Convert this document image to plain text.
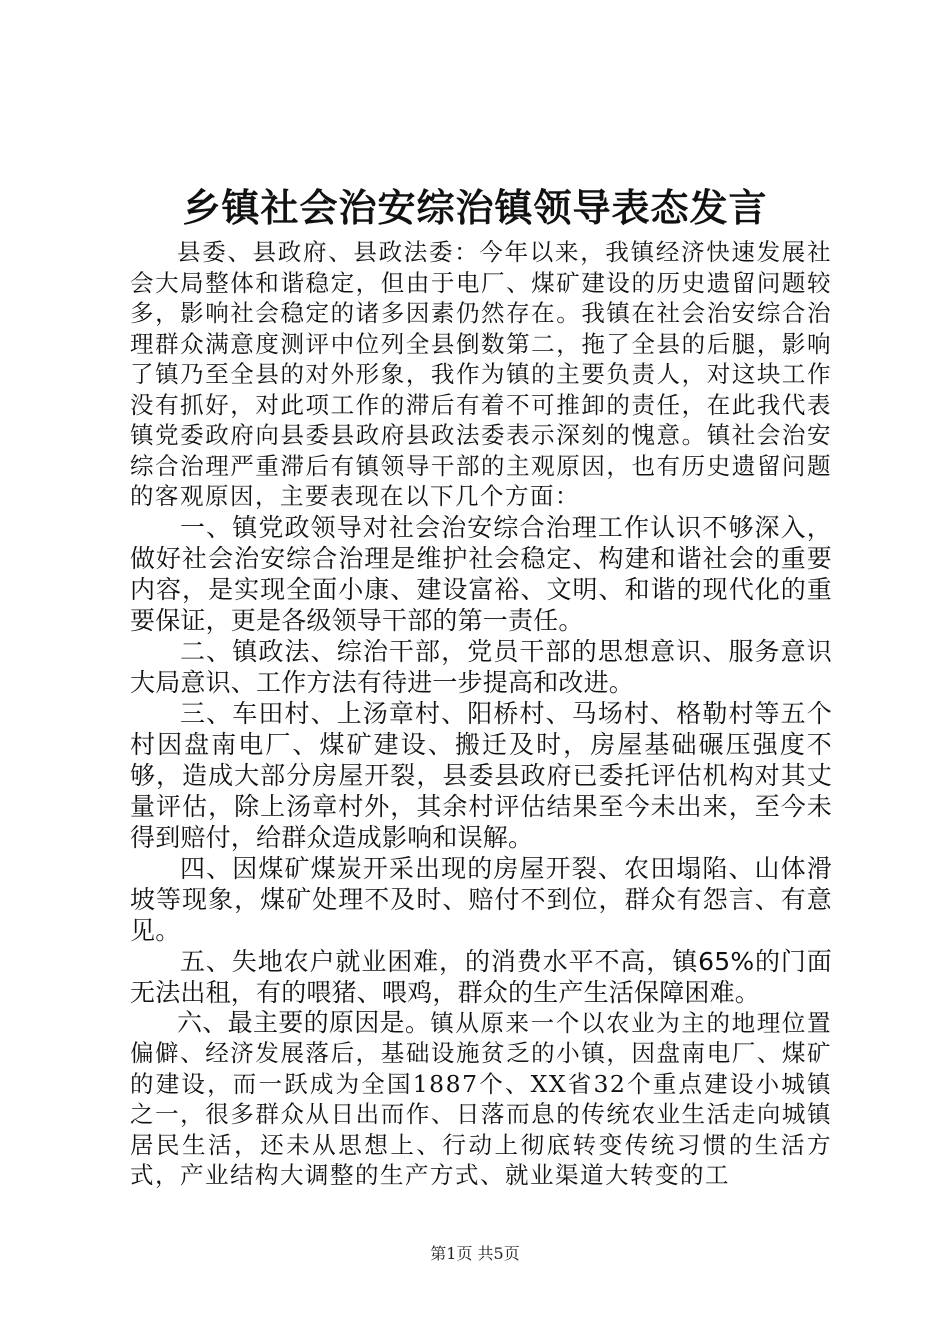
乡镇社会治安综治镇领导表态发言

县委、县政府、县政法委：今年以来，我镇经济快速发展社会大局整体和谐稳定，但由于电厂、煤矿建设的历史遗留问题较多，影响社会稳定的诸多因素仍然存在。我镇在社会治安综合治理群众满意度测评中位列全县倒数第二，拖了全县的后腿，影响了镇乃至全县的对外形象，我作为镇的主要负责人，对这块工作没有抓好，对此项工作的滞后有着不可推卸的责任，在此我代表镇党委政府向县委县政府县政法委表示深刻的愧意。镇社会治安综合治理严重滞后有镇领导干部的主观原因，也有历史遗留问题的客观原因，主要表现在以下几个方面：

一、镇党政领导对社会治安综合治理工作认识不够深入，做好社会治安综合治理是维护社会稳定、构建和谐社会的重要内容，是实现全面小康、建设富裕、文明、和谐的现代化的重要保证，更是各级领导干部的第一责任。

二、镇政法、综治干部，党员干部的思想意识、服务意识大局意识、工作方法有待进一步提高和改进。

三、车田村、上汤章村、阳桥村、马场村、格勒村等五个村因盘南电厂、煤矿建设、搬迁及时，房屋基础碾压强度不够，造成大部分房屋开裂，县委县政府已委托评估机构对其丈量评估，除上汤章村外，其余村评估结果至今未出来，至今未得到赔付，给群众造成影响和误解。

四、因煤矿煤炭开采出现的房屋开裂、农田塌陷、山体滑坡等现象，煤矿处理不及时、赔付不到位，群众有怨言、有意见。

五、失地农户就业困难，的消费水平不高，镇65%的门面无法出租，有的喂猪、喂鸡，群众的生产生活保障困难。

六、最主要的原因是。镇从原来一个以农业为主的地理位置偏僻、经济发展落后，基础设施贫乏的小镇，因盘南电厂、煤矿的建设，而一跃成为全国1887个、XX省32个重点建设小城镇之一，很多群众从日出而作、日落而息的传统农业生活走向城镇居民生活，还未从思想上、行动上彻底转变传统习惯的生活方式，产业结构大调整的生产方式、就业渠道大转变的工

第1页 共5页
